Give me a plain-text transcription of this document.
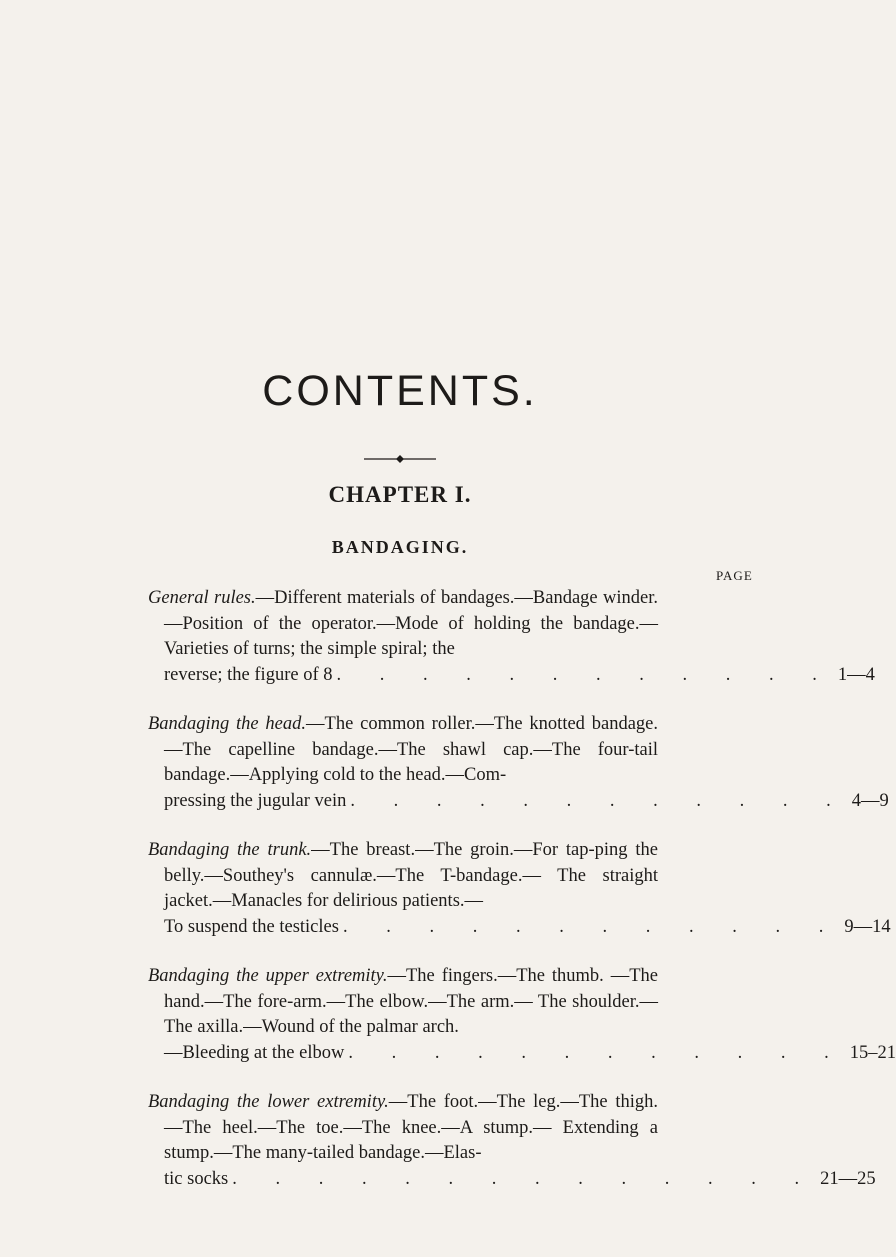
CONTENTS.
CHAPTER I.
BANDAGING.
PAGE
General rules.—Different materials of bandages.—Bandage winder.—Position of the operator.—Mode of holding the bandage.—Varieties of turns; the simple spiral; the
reverse; the figure of 8 . . . . . . . . . . . . 1—4
Bandaging the head.—The common roller.—The knotted bandage.—The capelline bandage.—The shawl cap.—The four-tail bandage.—Applying cold to the head.—Com-
pressing the jugular vein . . . . . . . . . . . . 4—9
Bandaging the trunk.—The breast.—The groin.—For tap-ping the belly.—Southey's cannulæ.—The T-bandage.— The straight jacket.—Manacles for delirious patients.—
To suspend the testicles . . . . . . . . . . . . 9—14
Bandaging the upper extremity.—The fingers.—The thumb. —The hand.—The fore-arm.—The elbow.—The arm.— The shoulder.—The axilla.—Wound of the palmar arch.
—Bleeding at the elbow . . . . . . . . . . . . 15–21
Bandaging the lower extremity.—The foot.—The leg.—The thigh.—The heel.—The toe.—The knee.—A stump.— Extending a stump.—The many-tailed bandage.—Elas-
tic socks . . . . . . . . . . . . . . 21—25
